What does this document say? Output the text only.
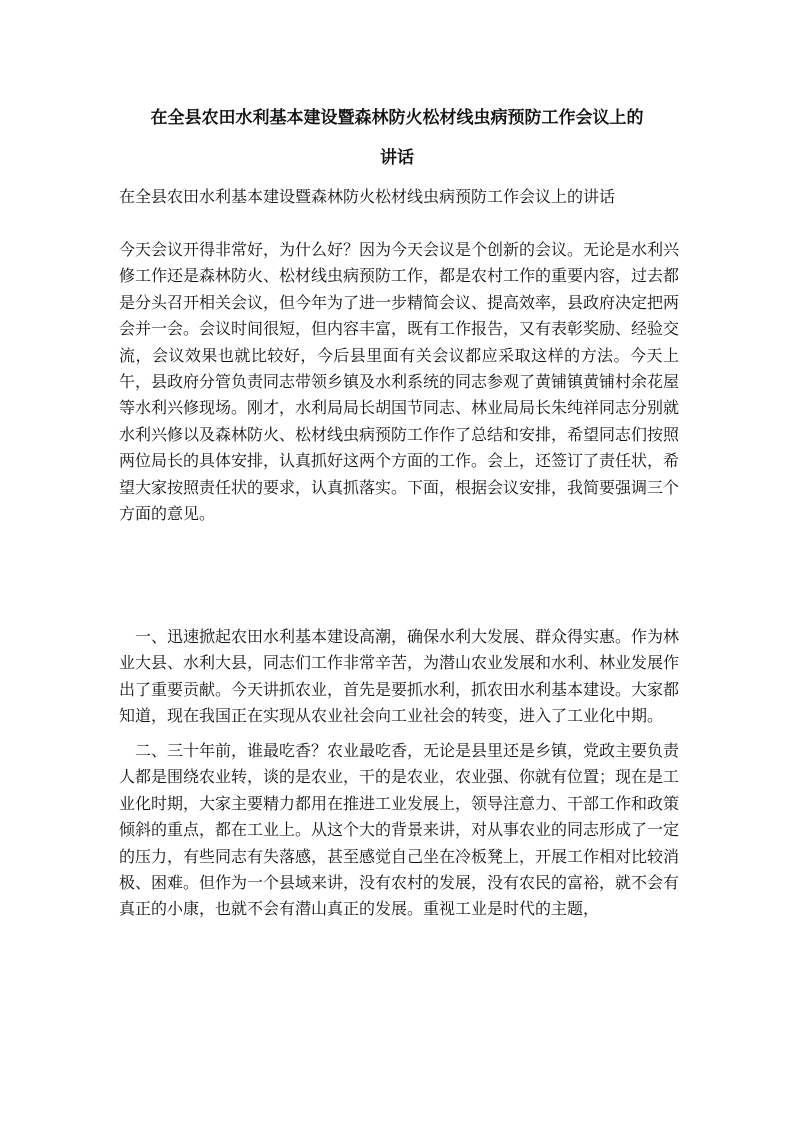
在全县农田水利基本建设暨森林防火松材线虫病预防工作会议上的
讲话

在全县农田水利基本建设暨森林防火松材线虫病预防工作会议上的讲话

今天会议开得非常好，为什么好？因为今天会议是个创新的会议。无论是水利兴修工作还是森林防火、松材线虫病预防工作，都是农村工作的重要内容，过去都是分头召开相关会议，但今年为了进一步精简会议、提高效率，县政府决定把两会并一会。会议时间很短，但内容丰富，既有工作报告，又有表彰奖励、经验交流，会议效果也就比较好，今后县里面有关会议都应采取这样的方法。今天上午，县政府分管负责同志带领乡镇及水利系统的同志参观了黄铺镇黄铺村余花屋等水利兴修现场。刚才，水利局局长胡国节同志、林业局局长朱纯祥同志分别就水利兴修以及森林防火、松材线虫病预防工作作了总结和安排，希望同志们按照两位局长的具体安排，认真抓好这两个方面的工作。会上，还签订了责任状，希望大家按照责任状的要求，认真抓落实。下面，根据会议安排，我简要强调三个方面的意见。

一、迅速掀起农田水利基本建设高潮，确保水利大发展、群众得实惠。作为林业大县、水利大县，同志们工作非常辛苦，为潜山农业发展和水利、林业发展作出了重要贡献。今天讲抓农业，首先是要抓水利，抓农田水利基本建设。大家都知道，现在我国正在实现从农业社会向工业社会的转变，进入了工业化中期。

二、三十年前，谁最吃香？农业最吃香，无论是县里还是乡镇，党政主要负责人都是围绕农业转，谈的是农业，干的是农业，农业强、你就有位置；现在是工业化时期，大家主要精力都用在推进工业发展上，领导注意力、干部工作和政策倾斜的重点，都在工业上。从这个大的背景来讲，对从事农业的同志形成了一定的压力，有些同志有失落感，甚至感觉自己坐在冷板凳上，开展工作相对比较消极、困难。但作为一个县域来讲，没有农村的发展，没有农民的富裕，就不会有真正的小康，也就不会有潜山真正的发展。重视工业是时代的主题，
